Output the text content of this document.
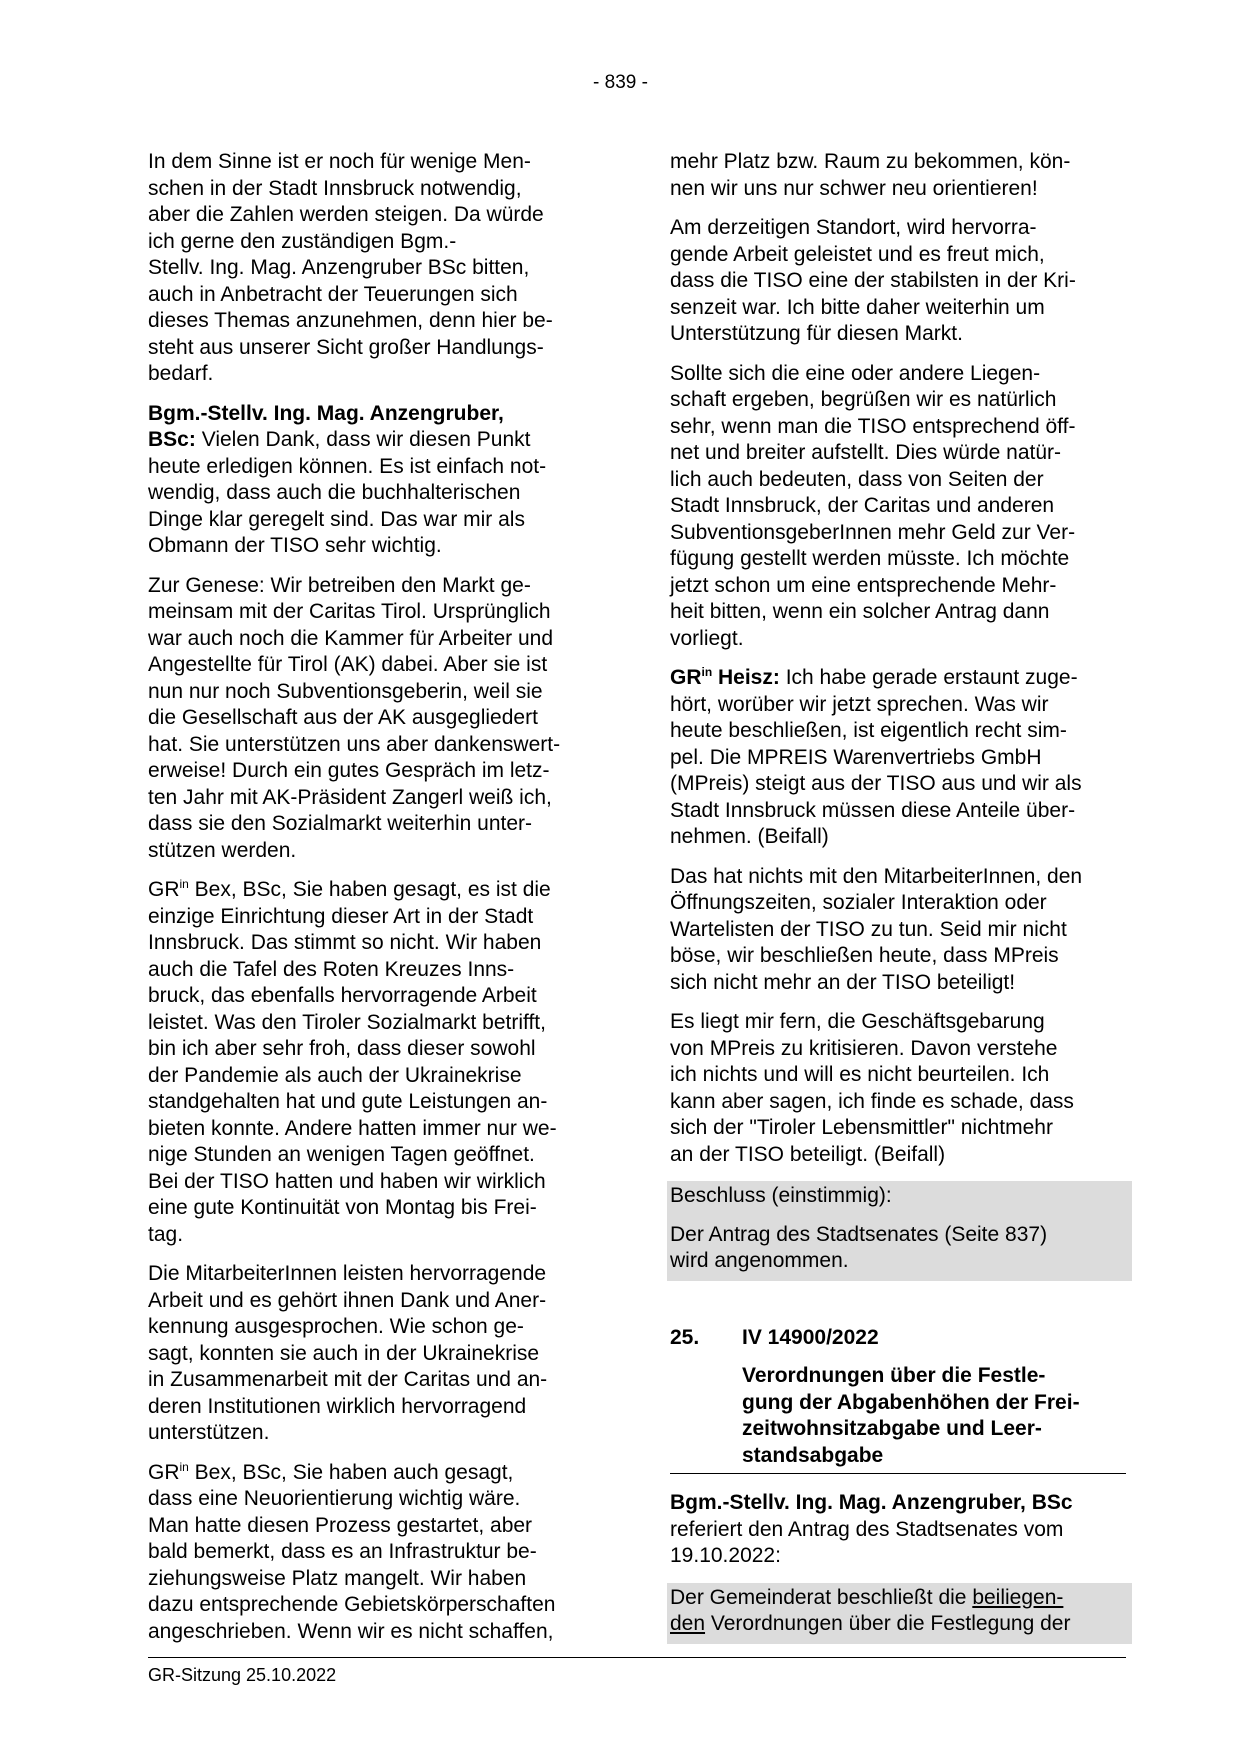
- 839 -

In dem Sinne ist er noch für wenige Men-
schen in der Stadt Innsbruck notwendig,
aber die Zahlen werden steigen. Da würde
ich gerne den zuständigen Bgm.-
Stellv. Ing. Mag. Anzengruber BSc bitten,
auch in Anbetracht der Teuerungen sich
dieses Themas anzunehmen, denn hier be-
steht aus unserer Sicht großer Handlungs-
bedarf.

Bgm.-Stellv. Ing. Mag. Anzengruber,
BSc: Vielen Dank, dass wir diesen Punkt
heute erledigen können. Es ist einfach not-
wendig, dass auch die buchhalterischen
Dinge klar geregelt sind. Das war mir als
Obmann der TISO sehr wichtig.

Zur Genese: Wir betreiben den Markt ge-
meinsam mit der Caritas Tirol. Ursprünglich
war auch noch die Kammer für Arbeiter und
Angestellte für Tirol (AK) dabei. Aber sie ist
nun nur noch Subventionsgeberin, weil sie
die Gesellschaft aus der AK ausgegliedert
hat. Sie unterstützen uns aber dankenswert-
erweise! Durch ein gutes Gespräch im letz-
ten Jahr mit AK-Präsident Zangerl weiß ich,
dass sie den Sozialmarkt weiterhin unter-
stützen werden.

$GR^{in}$ Bex, BSc, Sie haben gesagt, es ist die
einzige Einrichtung dieser Art in der Stadt
Innsbruck. Das stimmt so nicht. Wir haben
auch die Tafel des Roten Kreuzes Inns-
bruck, das ebenfalls hervorragende Arbeit
leistet. Was den Tiroler Sozialmarkt betrifft,
bin ich aber sehr froh, dass dieser sowohl
der Pandemie als auch der Ukrainekrise
standgehalten hat und gute Leistungen an-
bieten konnte. Andere hatten immer nur we-
nige Stunden an wenigen Tagen geöffnet.
Bei der TISO hatten und haben wir wirklich
eine gute Kontinuität von Montag bis Frei-
tag.

Die MitarbeiterInnen leisten hervorragende
Arbeit und es gehört ihnen Dank und Aner-
kennung ausgesprochen. Wie schon ge-
sagt, konnten sie auch in der Ukrainekrise
in Zusammenarbeit mit der Caritas und an-
deren Institutionen wirklich hervorragend
unterstützen.

$GR^{in}$ Bex, BSc, Sie haben auch gesagt,
dass eine Neuorientierung wichtig wäre.
Man hatte diesen Prozess gestartet, aber
bald bemerkt, dass es an Infrastruktur be-
ziehungsweise Platz mangelt. Wir haben
dazu entsprechende Gebietskörperschaften
angeschrieben. Wenn wir es nicht schaffen,

mehr Platz bzw. Raum zu bekommen, kön-
nen wir uns nur schwer neu orientieren!

Am derzeitigen Standort, wird hervorra-
gende Arbeit geleistet und es freut mich,
dass die TISO eine der stabilsten in der Kri-
senzeit war. Ich bitte daher weiterhin um
Unterstützung für diesen Markt.

Sollte sich die eine oder andere Liegen-
schaft ergeben, begrüßen wir es natürlich
sehr, wenn man die TISO entsprechend öff-
net und breiter aufstellt. Dies würde natür-
lich auch bedeuten, dass von Seiten der
Stadt Innsbruck, der Caritas und anderen
SubventionsgeberInnen mehr Geld zur Ver-
fügung gestellt werden müsste. Ich möchte
jetzt schon um eine entsprechende Mehr-
heit bitten, wenn ein solcher Antrag dann
vorliegt.

$GR^{in}$ Heisz: Ich habe gerade erstaunt zuge-
hört, worüber wir jetzt sprechen. Was wir
heute beschließen, ist eigentlich recht sim-
pel. Die MPREIS Warenvertriebs GmbH
(MPreis) steigt aus der TISO aus und wir als
Stadt Innsbruck müssen diese Anteile über-
nehmen. (Beifall)

Das hat nichts mit den MitarbeiterInnen, den
Öffnungszeiten, sozialer Interaktion oder
Wartelisten der TISO zu tun. Seid mir nicht
böse, wir beschließen heute, dass MPreis
sich nicht mehr an der TISO beteiligt!

Es liegt mir fern, die Geschäftsgebarung
von MPreis zu kritisieren. Davon verstehe
ich nichts und will es nicht beurteilen. Ich
kann aber sagen, ich finde es schade, dass
sich der "Tiroler Lebensmittler" nichtmehr
an der TISO beteiligt. (Beifall)

Beschluss (einstimmig):

Der Antrag des Stadtsenates (Seite 837)
wird angenommen.

25.	IV 14900/2022
Verordnungen über die Festle-
gung der Abgabenhöhen der Frei-
zeitwohnsitzabgabe und Leer-
standsabgabe

Bgm.-Stellv. Ing. Mag. Anzengruber, BSc
referiert den Antrag des Stadtsenates vom
19.10.2022:

Der Gemeinderat beschließt die beiliegen-
den Verordnungen über die Festlegung der

GR-Sitzung 25.10.2022
